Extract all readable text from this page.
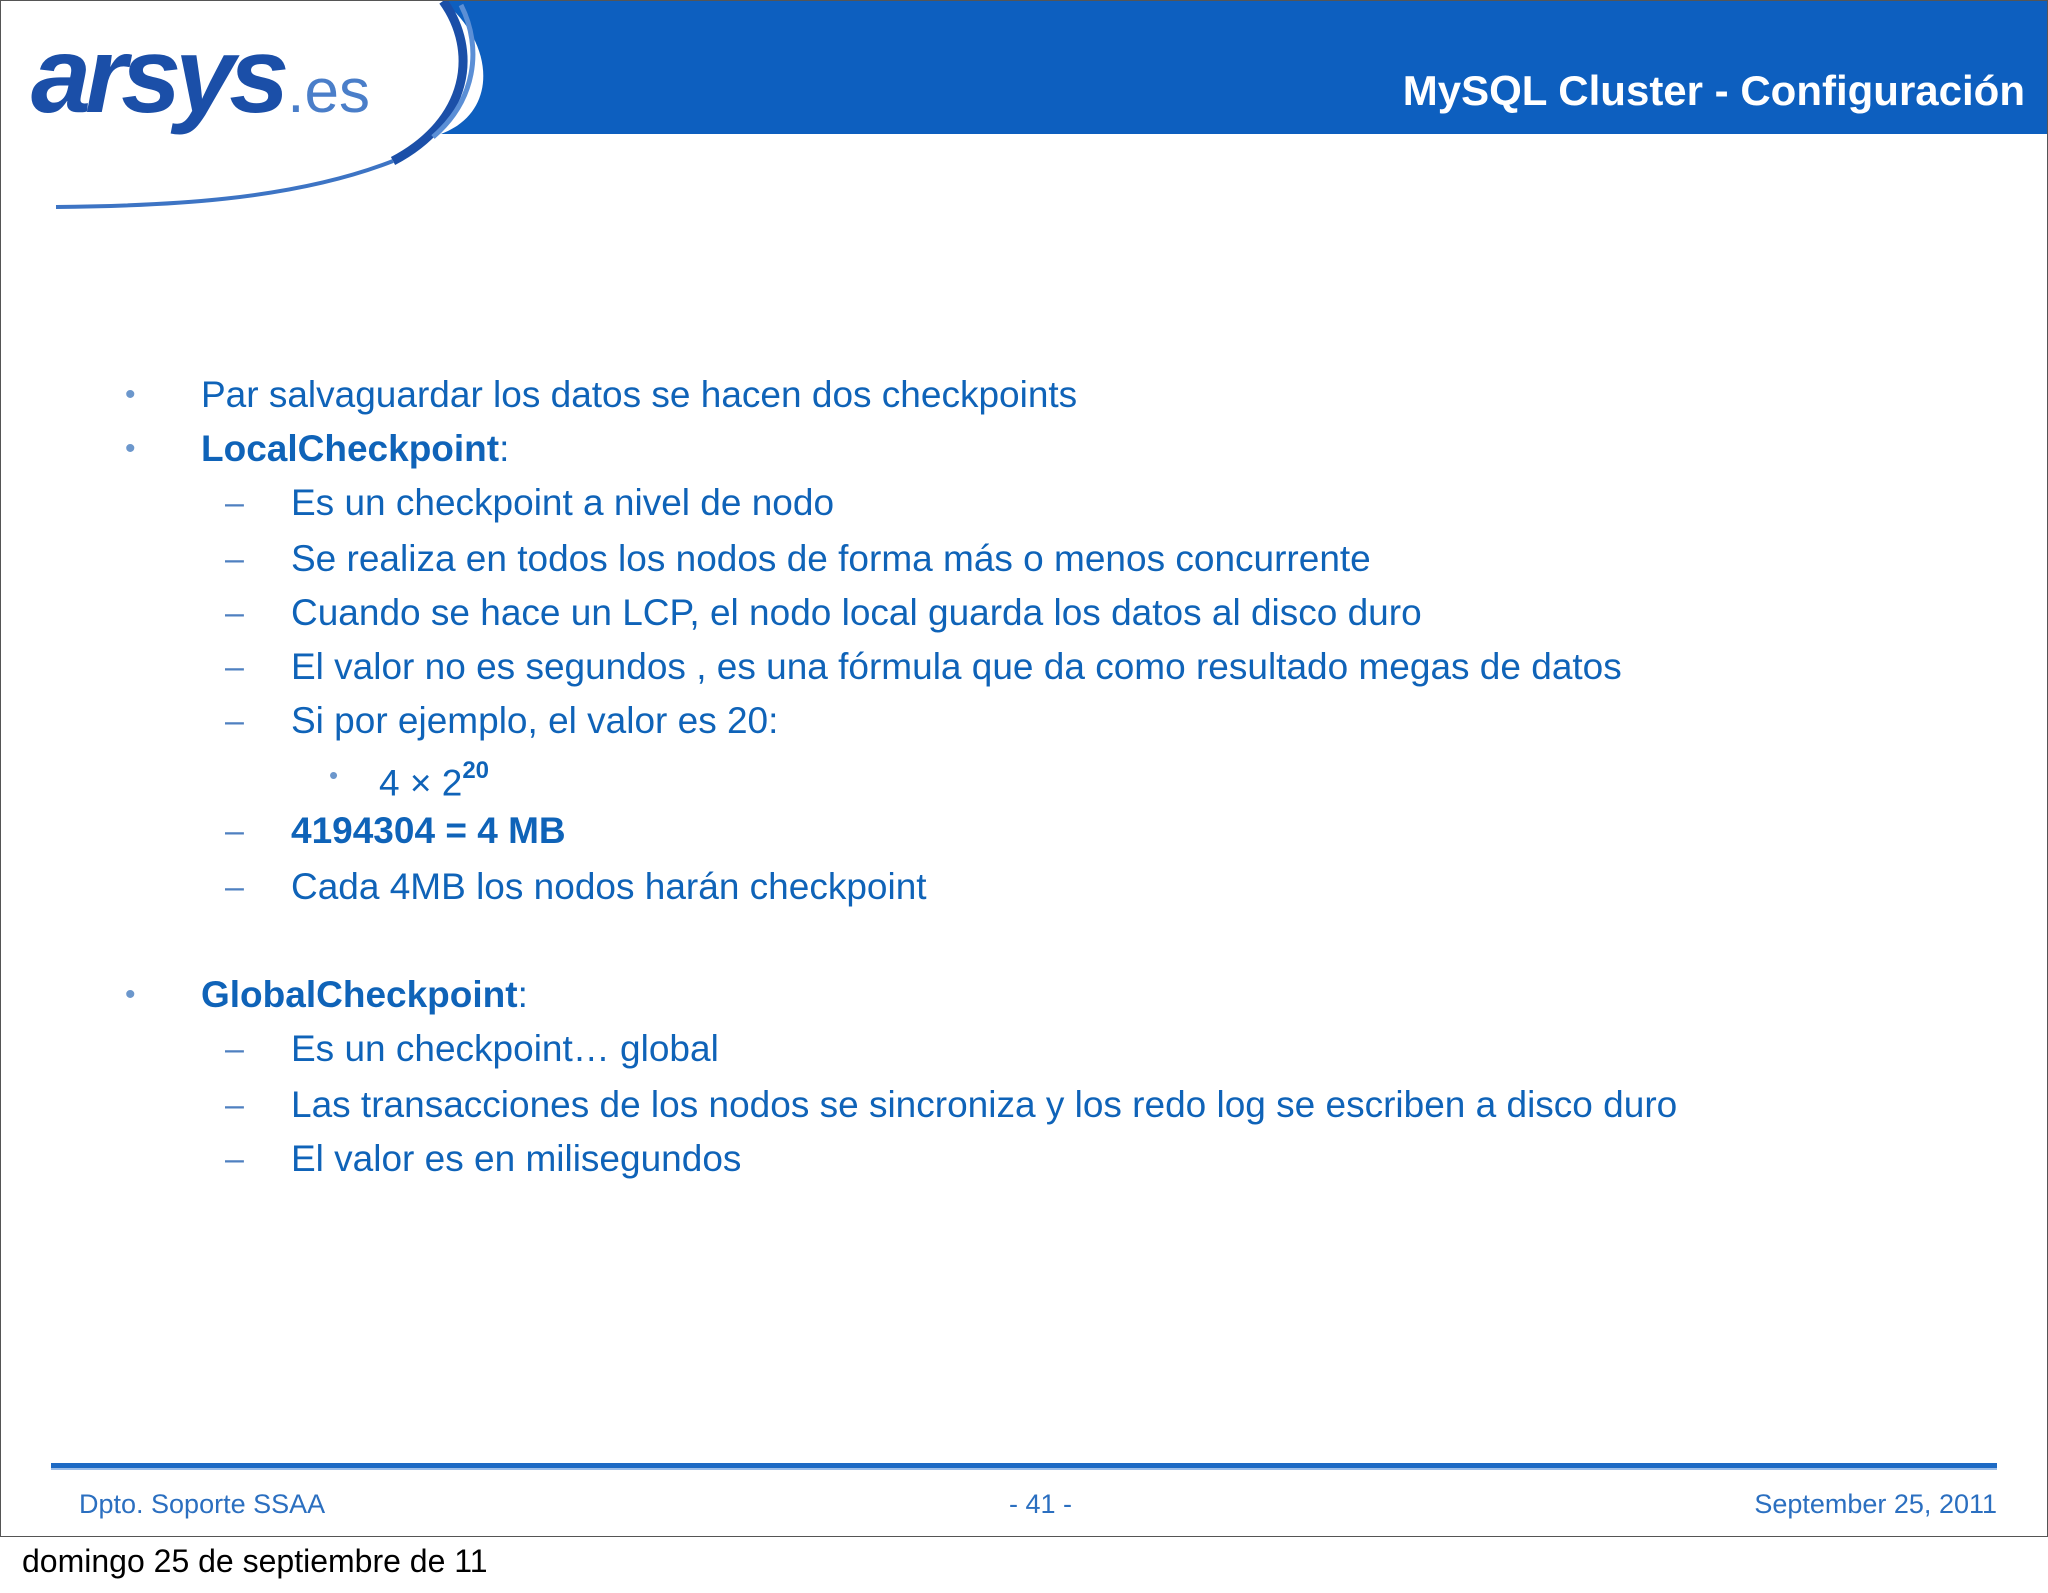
arsys.es	MySQL Cluster - Configuración
• Par salvaguardar los datos se hacen dos checkpoints
• LocalCheckpoint:
– Es un checkpoint a nivel de nodo
– Se realiza en todos los nodos de forma más o menos concurrente
– Cuando se hace un LCP, el nodo local guarda los datos al disco duro
– El valor no es segundos , es una fórmula que da como resultado megas de datos
– Si por ejemplo, el valor es 20:
• $4 \times 2^{20}$
– 4194304 = 4 MB
– Cada 4MB los nodos harán checkpoint
• GlobalCheckpoint:
– Es un checkpoint… global
– Las transacciones de los nodos se sincroniza y los redo log se escriben a disco duro
– El valor es en milisegundos
Dpto. Soporte SSAA	- 41 -	September 25, 2011
domingo 25 de septiembre de 11
